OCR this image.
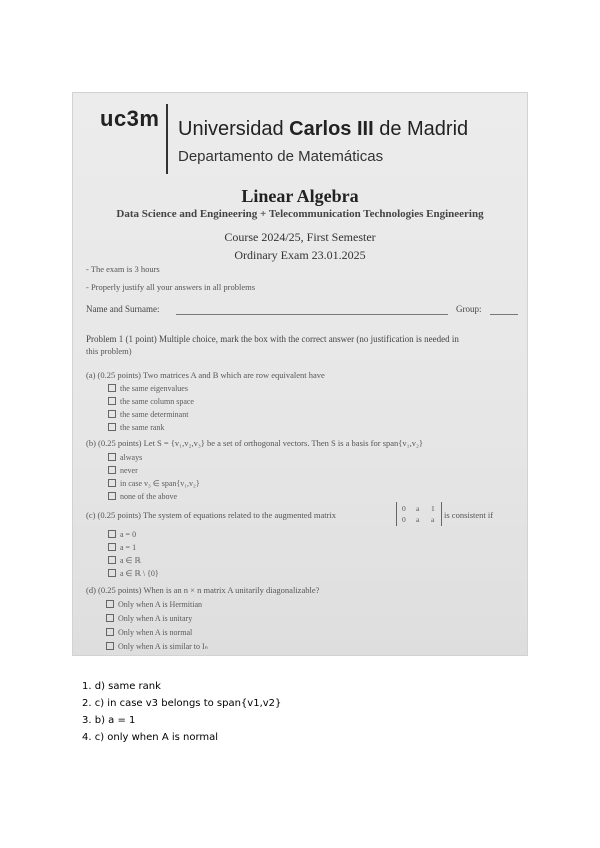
uc3m Universidad Carlos III de Madrid
Departamento de Matemáticas
Linear Algebra
Data Science and Engineering + Telecommunication Technologies Engineering
Course 2024/25, First Semester
Ordinary Exam 23.01.2025
- The exam is 3 hours
- Properly justify all your answers in all problems
Name and Surname:	Group:
Problem 1 (1 point) Multiple choice, mark the box with the correct answer (no justification is needed in
this problem)
(a) (0.25 points) Two matrices A and B which are row equivalent have
the same eigenvalues
the same column space
the same determinant
the same rank
(b) (0.25 points) Let S = {v₁,v₂,v₃} be a set of orthogonal vectors. Then S is a basis for span{v₁,v₂}
always
never
in case v₃ ∈ span{v₁,v₂}
none of the above
(c) (0.25 points) The system of equations related to the augmented matrix
0 a 1
0 a a is consistent if
a = 0
a = 1
a ∈ ℝ
a ∈ ℝ \ {0}
(d) (0.25 points) When is an n × n matrix A unitarily diagonalizable?
Only when A is Hermitian
Only when A is unitary
Only when A is normal
Only when A is similar to Iₙ
1. d) same rank
2. c) in case v3 belongs to span{v1,v2}
3. b) a = 1
4. c) only when A is normal
